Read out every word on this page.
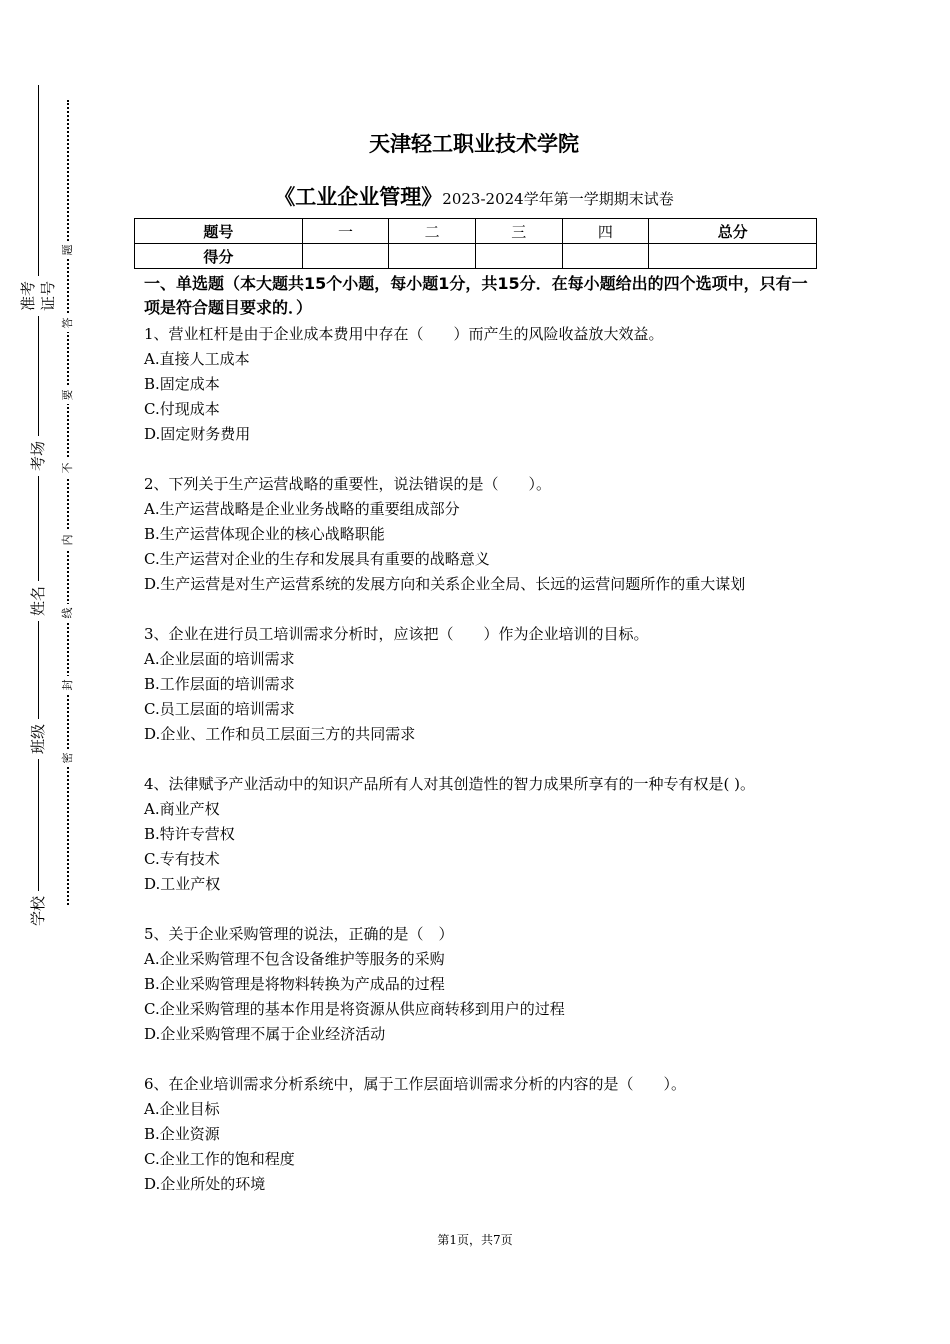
准考证号
考场
姓名
班级
学校
题
答
要
不
内
线
封
密
天津轻工职业技术学院
《工业企业管理》2023-2024学年第一学期期末试卷
题号	一	二	三	四	总分
得分					
一、单选题（本大题共15个小题，每小题1分，共15分．在每小题给出的四个选项中，只有一项是符合题目要求的．）
1、营业杠杆是由于企业成本费用中存在（　　）而产生的风险收益放大效益。
A.直接人工成本
B.固定成本
C.付现成本
D.固定财务费用
2、下列关于生产运营战略的重要性，说法错误的是（　　）。
A.生产运营战略是企业业务战略的重要组成部分
B.生产运营体现企业的核心战略职能
C.生产运营对企业的生存和发展具有重要的战略意义
D.生产运营是对生产运营系统的发展方向和关系企业全局、长远的运营问题所作的重大谋划
3、企业在进行员工培训需求分析时，应该把（　　）作为企业培训的目标。
A.企业层面的培训需求
B.工作层面的培训需求
C.员工层面的培训需求
D.企业、工作和员工层面三方的共同需求
4、法律赋予产业活动中的知识产品所有人对其创造性的智力成果所享有的一种专有权是( )。
A.商业产权
B.特许专营权
C.专有技术
D.工业产权
5、关于企业采购管理的说法，正确的是（　）
A.企业采购管理不包含设备维护等服务的采购
B.企业采购管理是将物料转换为产成品的过程
C.企业采购管理的基本作用是将资源从供应商转移到用户的过程
D.企业采购管理不属于企业经济活动
6、在企业培训需求分析系统中，属于工作层面培训需求分析的内容的是（　　）。
A.企业目标
B.企业资源
C.企业工作的饱和程度
D.企业所处的环境
第1页，共7页
